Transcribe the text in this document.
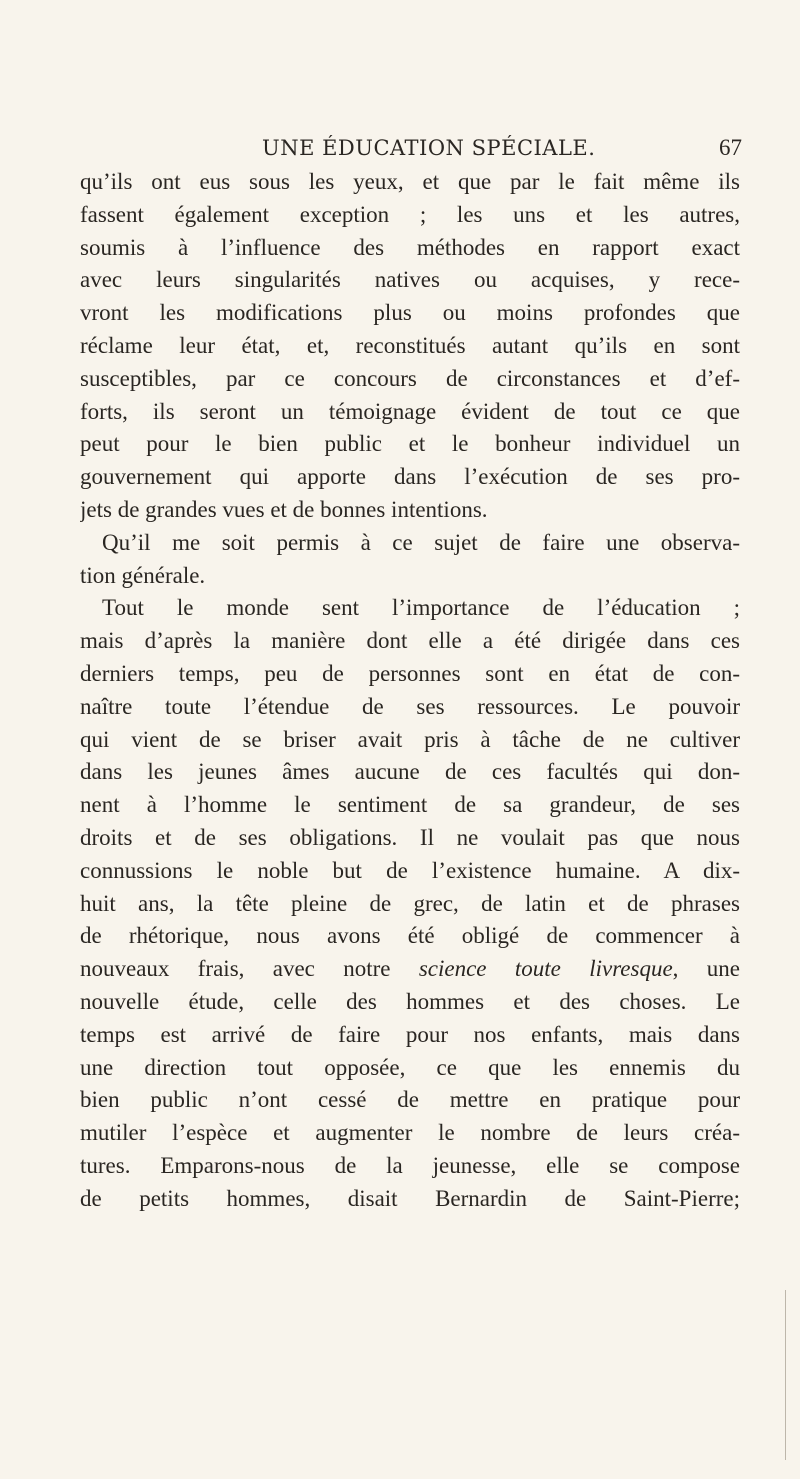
UNE ÉDUCATION SPÉCIALE.	67
qu’ils ont eus sous les yeux, et que par le fait même ils
fassent également exception ; les uns et les autres,
soumis à l’influence des méthodes en rapport exact
avec leurs singularités natives ou acquises, y rece-
vront les modifications plus ou moins profondes que
réclame leur état, et, reconstitués autant qu’ils en sont
susceptibles, par ce concours de circonstances et d’ef-
forts, ils seront un témoignage évident de tout ce que
peut pour le bien public et le bonheur individuel un
gouvernement qui apporte dans l’exécution de ses pro-
jets de grandes vues et de bonnes intentions.
Qu’il me soit permis à ce sujet de faire une observa-
tion générale.
Tout le monde sent l’importance de l’éducation ;
mais d’après la manière dont elle a été dirigée dans ces
derniers temps, peu de personnes sont en état de con-
naître toute l’étendue de ses ressources. Le pouvoir
qui vient de se briser avait pris à tâche de ne cultiver
dans les jeunes âmes aucune de ces facultés qui don-
nent à l’homme le sentiment de sa grandeur, de ses
droits et de ses obligations. Il ne voulait pas que nous
connussions le noble but de l’existence humaine. A dix-
huit ans, la tête pleine de grec, de latin et de phrases
de rhétorique, nous avons été obligé de commencer à
nouveaux frais, avec notre science toute livresque, une
nouvelle étude, celle des hommes et des choses. Le
temps est arrivé de faire pour nos enfants, mais dans
une direction tout opposée, ce que les ennemis du
bien public n’ont cessé de mettre en pratique pour
mutiler l’espèce et augmenter le nombre de leurs créa-
tures. Emparons-nous de la jeunesse, elle se compose
de petits hommes, disait Bernardin de Saint-Pierre;
